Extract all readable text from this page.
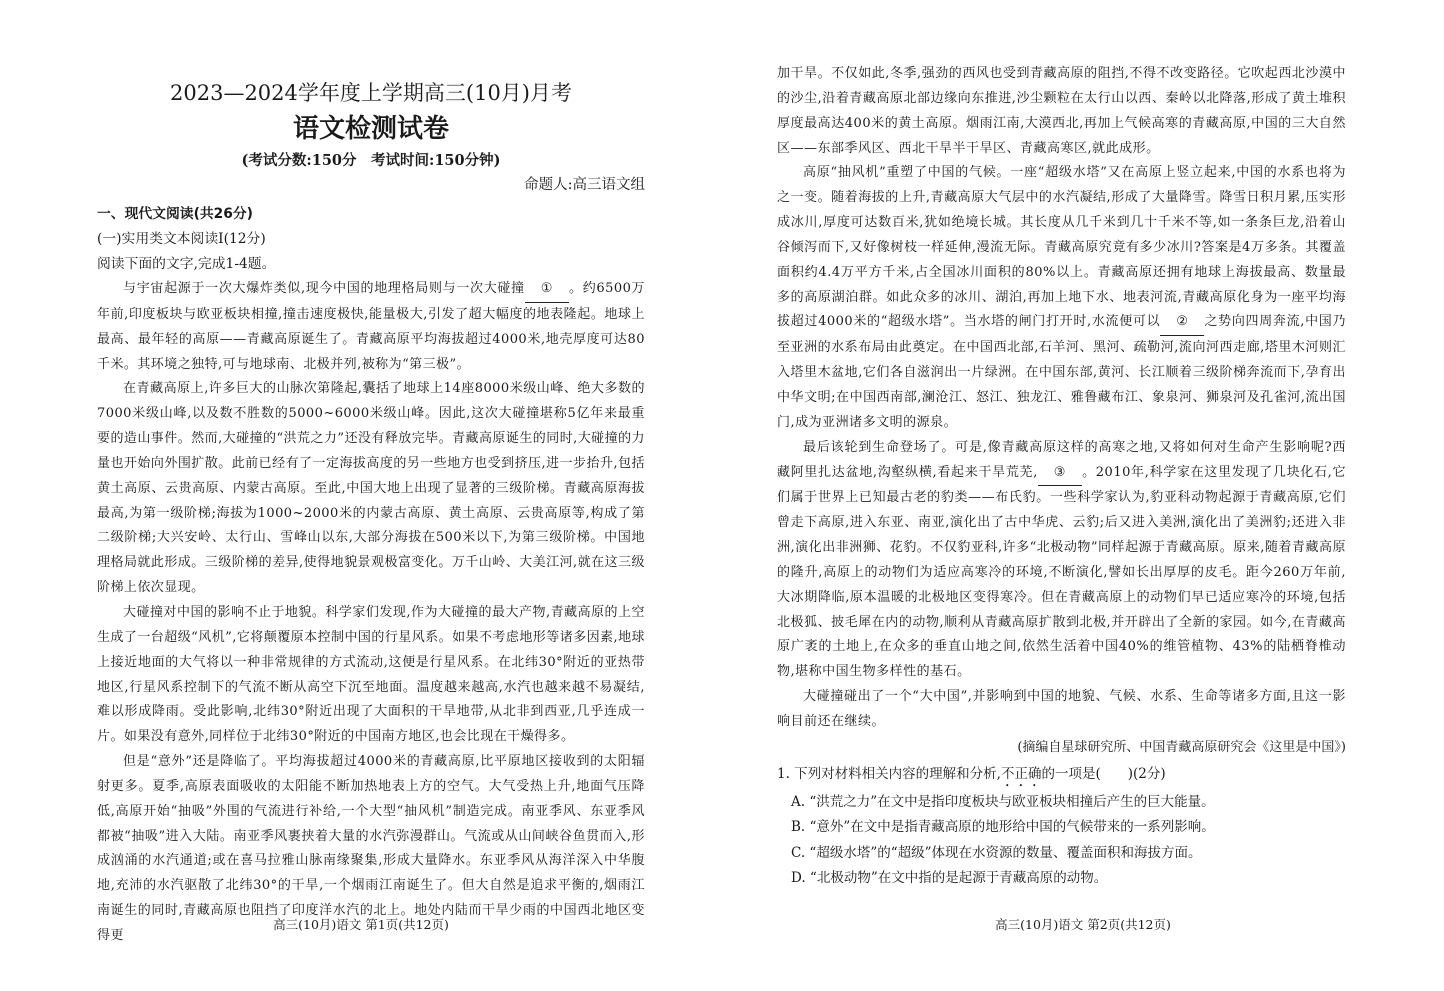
2023—2024学年度上学期高三(10月)月考
语文检测试卷
(考试分数:150分　考试时间:150分钟)
命题人:高三语文组
一、现代文阅读(共26分)
(一)实用类文本阅读Ⅰ(12分)
阅读下面的文字,完成1-4题。

与宇宙起源于一次大爆炸类似,现今中国的地理格局则与一次大碰撞 ① 。约6500万年前,印度板块与欧亚板块相撞,撞击速度极快,能量极大,引发了超大幅度的地表隆起。地球上最高、最年轻的高原——青藏高原诞生了。青藏高原平均海拔超过4000米,地壳厚度可达80千米。其环境之独特,可与地球南、北极并列,被称为“第三极”。

在青藏高原上,许多巨大的山脉次第隆起,囊括了地球上14座8000米级山峰、绝大多数的7000米级山峰,以及数不胜数的5000~6000米级山峰。因此,这次大碰撞堪称5亿年来最重要的造山事件。然而,大碰撞的“洪荒之力”还没有释放完毕。青藏高原诞生的同时,大碰撞的力量也开始向外围扩散。此前已经有了一定海拔高度的另一些地方也受到挤压,进一步抬升,包括黄土高原、云贵高原、内蒙古高原。至此,中国大地上出现了显著的三级阶梯。青藏高原海拔最高,为第一级阶梯;海拔为1000~2000米的内蒙古高原、黄土高原、云贵高原等,构成了第二级阶梯;大兴安岭、太行山、雪峰山以东,大部分海拔在500米以下,为第三级阶梯。中国地理格局就此形成。三级阶梯的差异,使得地貌景观极富变化。万千山岭、大美江河,就在这三级阶梯上依次显现。

大碰撞对中国的影响不止于地貌。科学家们发现,作为大碰撞的最大产物,青藏高原的上空生成了一台超级“风机”,它将颠覆原本控制中国的行星风系。如果不考虑地形等诸多因素,地球上接近地面的大气将以一种非常规律的方式流动,这便是行星风系。在北纬30°附近的亚热带地区,行星风系控制下的气流不断从高空下沉至地面。温度越来越高,水汽也越来越不易凝结,难以形成降雨。受此影响,北纬30°附近出现了大面积的干旱地带,从北非到西亚,几乎连成一片。如果没有意外,同样位于北纬30°附近的中国南方地区,也会比现在干燥得多。

但是“意外”还是降临了。平均海拔超过4000米的青藏高原,比平原地区接收到的太阳辐射更多。夏季,高原表面吸收的太阳能不断加热地表上方的空气。大气受热上升,地面气压降低,高原开始“抽吸”外围的气流进行补给,一个大型“抽风机”制造完成。南亚季风、东亚季风都被“抽吸”进入大陆。南亚季风裹挟着大量的水汽弥漫群山。气流或从山间峡谷鱼贯而入,形成汹涌的水汽通道;或在喜马拉雅山脉南缘聚集,形成大量降水。东亚季风从海洋深入中华腹地,充沛的水汽驱散了北纬30°的干旱,一个烟雨江南诞生了。但大自然是追求平衡的,烟雨江南诞生的同时,青藏高原也阻挡了印度洋水汽的北上。地处内陆而干旱少雨的中国西北地区变得更

高三(10月)语文 第1页(共12页)

加干旱。不仅如此,冬季,强劲的西风也受到青藏高原的阻挡,不得不改变路径。它吹起西北沙漠中的沙尘,沿着青藏高原北部边缘向东推进,沙尘颗粒在太行山以西、秦岭以北降落,形成了黄土堆积厚度最高达400米的黄土高原。烟雨江南,大漠西北,再加上气候高寒的青藏高原,中国的三大自然区——东部季风区、西北干旱半干旱区、青藏高寒区,就此成形。

高原“抽风机”重塑了中国的气候。一座“超级水塔”又在高原上竖立起来,中国的水系也将为之一变。随着海拔的上升,青藏高原大气层中的水汽凝结,形成了大量降雪。降雪日积月累,压实形成冰川,厚度可达数百米,犹如绝境长城。其长度从几千米到几十千米不等,如一条条巨龙,沿着山谷倾泻而下,又好像树枝一样延伸,漫流无际。青藏高原究竟有多少冰川?答案是4万多条。其覆盖面积约4.4万平方千米,占全国冰川面积的80%以上。青藏高原还拥有地球上海拔最高、数量最多的高原湖泊群。如此众多的冰川、湖泊,再加上地下水、地表河流,青藏高原化身为一座平均海拔超过4000米的“超级水塔”。当水塔的闸门打开时,水流便可以 ② 之势向四周奔流,中国乃至亚洲的水系布局由此奠定。在中国西北部,石羊河、黑河、疏勒河,流向河西走廊,塔里木河则汇入塔里木盆地,它们各自滋润出一片绿洲。在中国东部,黄河、长江顺着三级阶梯奔流而下,孕育出中华文明;在中国西南部,澜沧江、怒江、独龙江、雅鲁藏布江、象泉河、狮泉河及孔雀河,流出国门,成为亚洲诸多文明的源泉。

最后该轮到生命登场了。可是,像青藏高原这样的高寒之地,又将如何对生命产生影响呢?西藏阿里扎达盆地,沟壑纵横,看起来干旱荒芜, ③ 。2010年,科学家在这里发现了几块化石,它们属于世界上已知最古老的豹类——布氏豹。一些科学家认为,豹亚科动物起源于青藏高原,它们曾走下高原,进入东亚、南亚,演化出了古中华虎、云豹;后又进入美洲,演化出了美洲豹;还进入非洲,演化出非洲狮、花豹。不仅豹亚科,许多“北极动物”同样起源于青藏高原。原来,随着青藏高原的隆升,高原上的动物们为适应高寒冷的环境,不断演化,譬如长出厚厚的皮毛。距今260万年前,大冰期降临,原本温暖的北极地区变得寒冷。但在青藏高原上的动物们早已适应寒冷的环境,包括北极狐、披毛犀在内的动物,顺利从青藏高原扩散到北极,并开辟出了全新的家园。如今,在青藏高原广袤的土地上,在众多的垂直山地之间,依然生活着中国40%的维管植物、43%的陆栖脊椎动物,堪称中国生物多样性的基石。

大碰撞碰出了一个“大中国”,并影响到中国的地貌、气候、水系、生命等诸多方面,且这一影响目前还在继续。

(摘编自星球研究所、中国青藏高原研究会《这里是中国》)
1. 下列对材料相关内容的理解和分析,不正确的一项是(　　)(2分)
A. “洪荒之力”在文中是指印度板块与欧亚板块相撞后产生的巨大能量。
B. “意外”在文中是指青藏高原的地形给中国的气候带来的一系列影响。
C. “超级水塔”的“超级”体现在水资源的数量、覆盖面积和海拔方面。
D. “北极动物”在文中指的是起源于青藏高原的动物。
高三(10月)语文 第2页(共12页)
